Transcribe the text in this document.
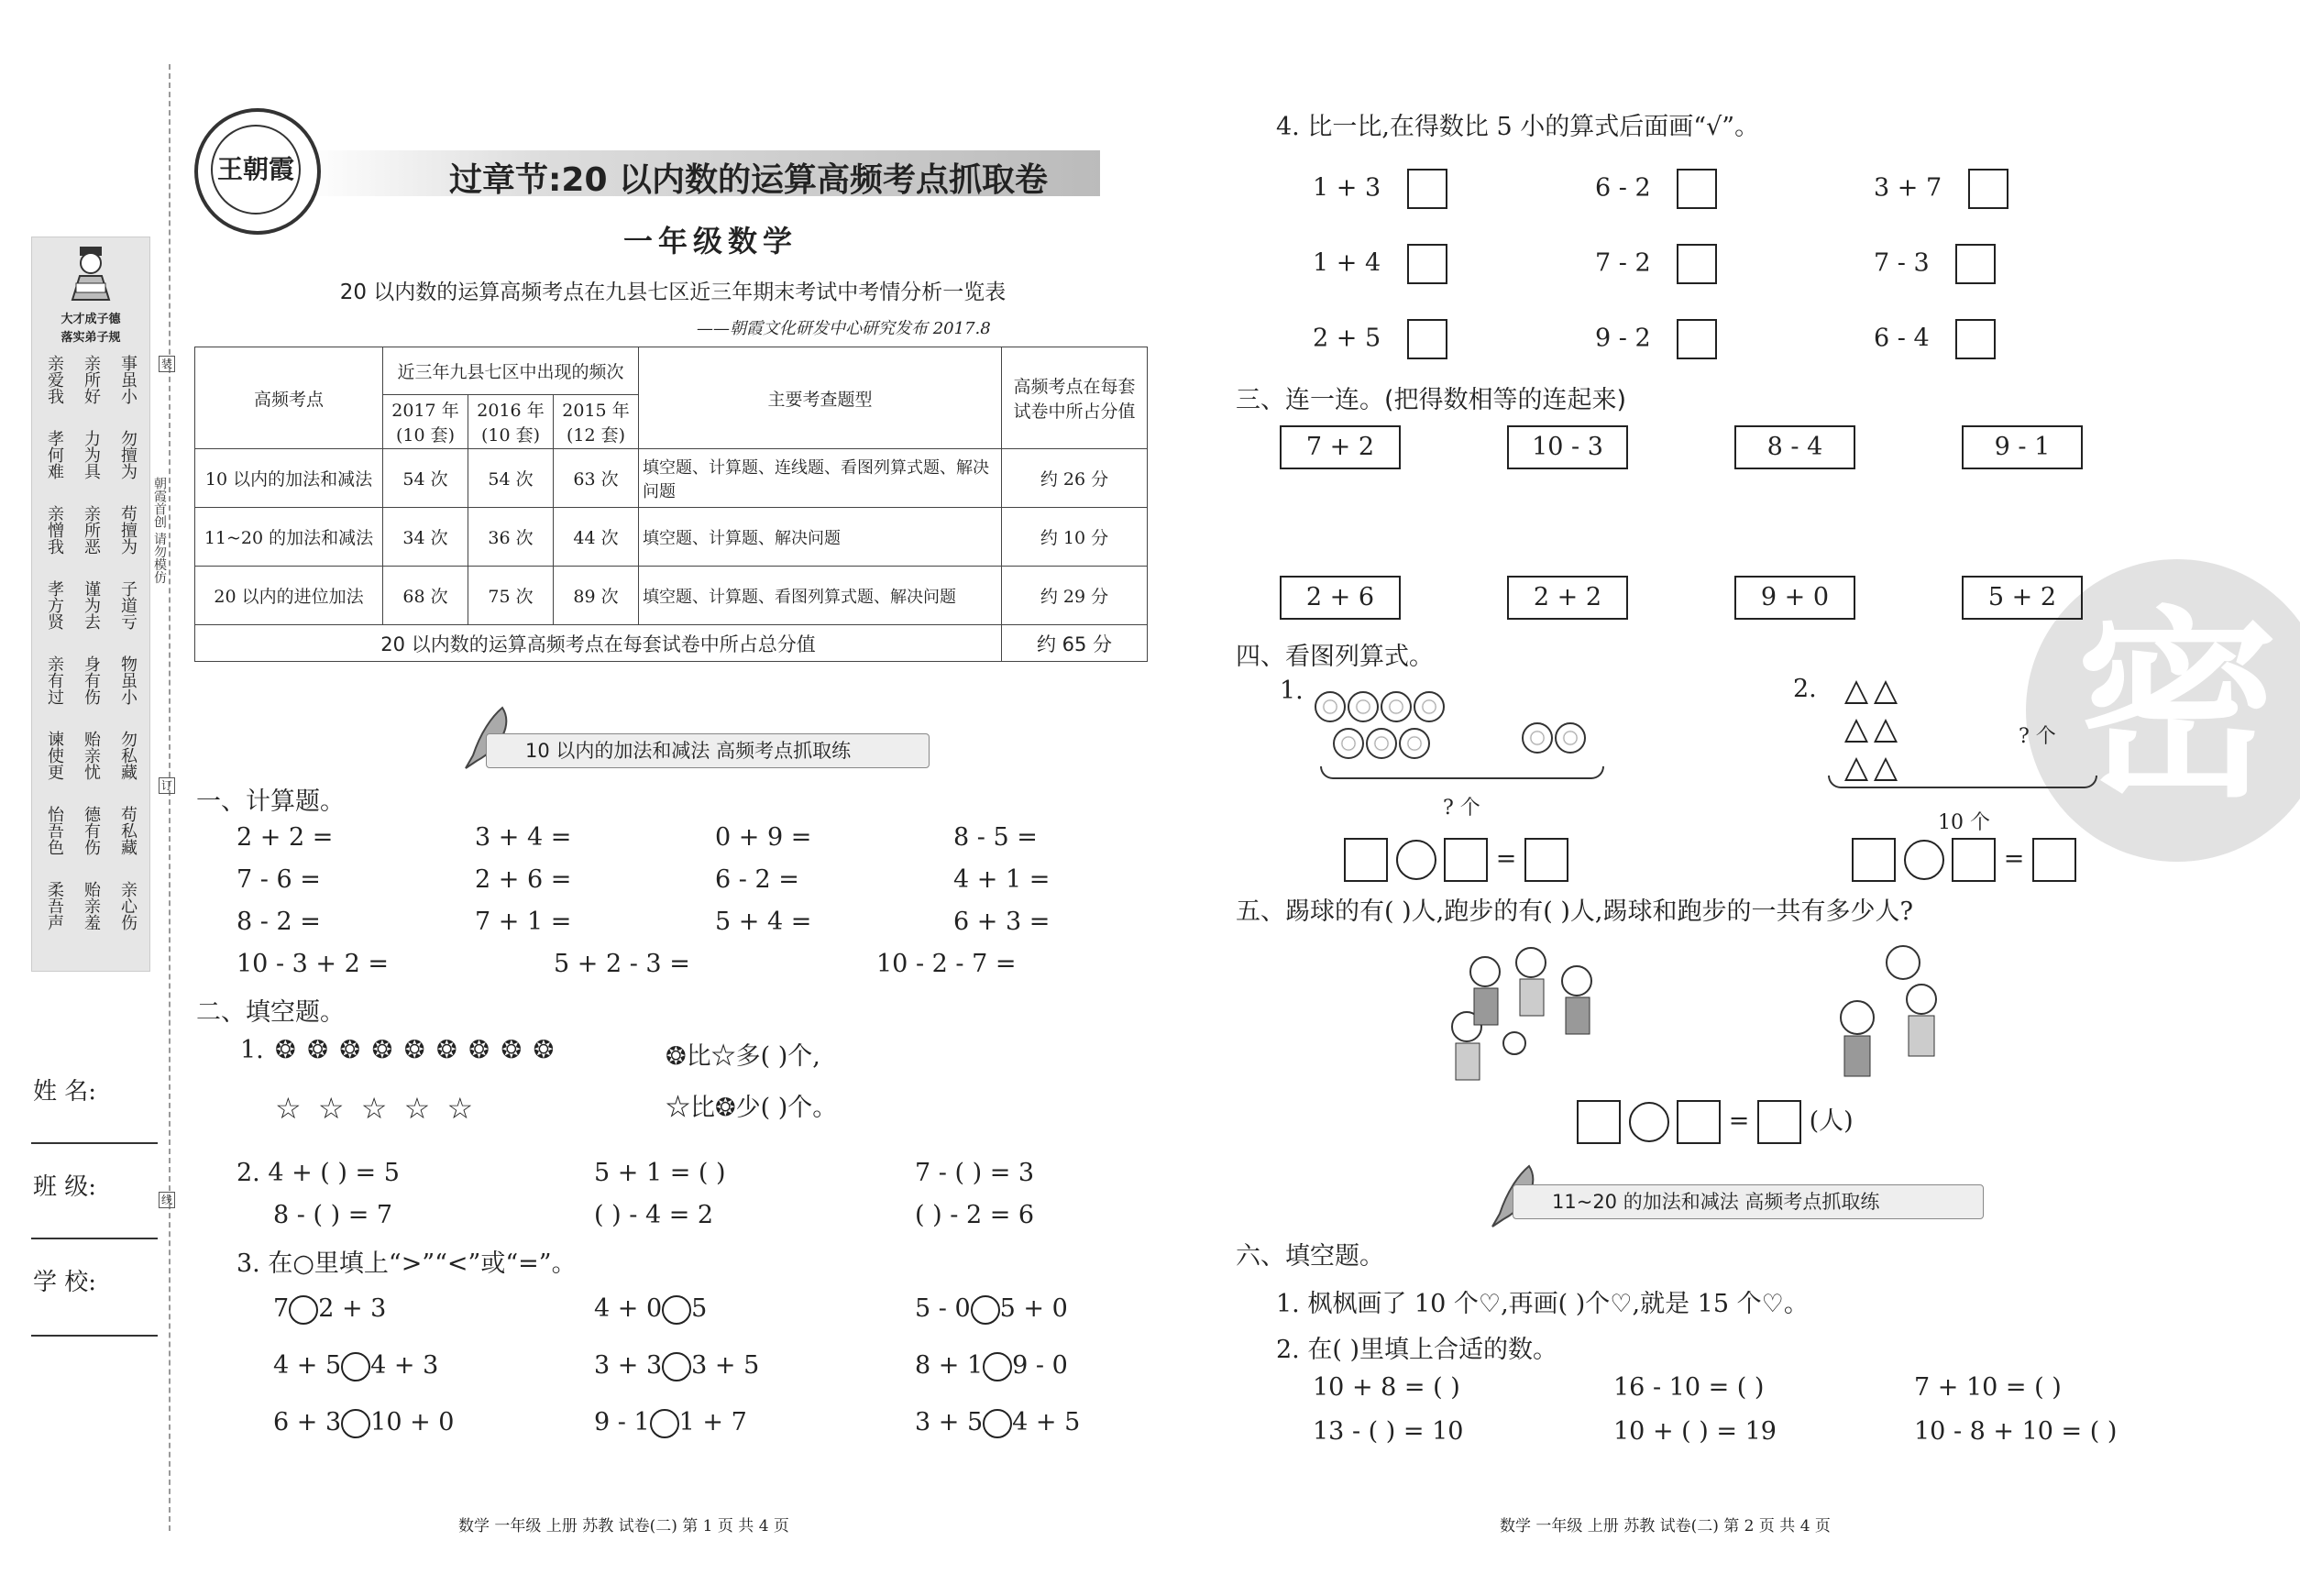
大才成子德
落实弟子规
事虽小
亲所好
亲爱我
勿擅为
力为具
孝何难
苟擅为
亲所恶
亲憎我
子道亏
谨为去
孝方贤
物虽小
身有伤
亲有过
勿私藏
贻亲忧
谏使更
苟私藏
德有伤
怡吾色
亲心伤
贻亲羞
柔吾声
装
订
线
朝霞首创 请勿模仿
姓 名:
班 级:
学 校:
王朝霞	过章节:20 以内数的运算高频考点抓取卷
一年级数学
20 以内数的运算高频考点在九县七区近三年期末考试中考情分析一览表
——朝霞文化研发中心研究发布 2017.8
高频考点	近三年九县七区中出现的频次			主要考查题型	高频考点在每套试卷中所占分值
	2017 年(10 套)	2016 年(10 套)	2015 年(12 套)		
10 以内的加法和减法	54 次	54 次	63 次	填空题、计算题、连线题、看图列算式题、解决问题	约 26 分
11~20 的加法和减法	34 次	36 次	44 次	填空题、计算题、解决问题	约 10 分
20 以内的进位加法	68 次	75 次	89 次	填空题、计算题、看图列算式题、解决问题	约 29 分
20 以内数的运算高频考点在每套试卷中所占总分值					约 65 分
10 以内的加法和减法 高频考点抓取练
一、计算题。
2 + 2 =	3 + 4 =	0 + 9 =	8 - 5 =
7 - 6 =	2 + 6 =	6 - 2 =	4 + 1 =
8 - 2 =	7 + 1 =	5 + 4 =	6 + 3 =
10 - 3 + 2 =	5 + 2 - 3 =	10 - 2 - 7 =
二、填空题。
1. ❂ ❂ ❂ ❂ ❂ ❂ ❂ ❂ ❂
☆ ☆ ☆ ☆ ☆
❂比☆多( )个,
☆比❂少( )个。
2. 4 + ( ) = 5	5 + 1 = ( )	7 - ( ) = 3
8 - ( ) = 7	( ) - 4 = 2	( ) - 2 = 6
3. 在○里填上“>”“<”或“=”。
7 2 + 3	4 + 0 5	5 - 0 5 + 0
4 + 5 4 + 3	3 + 3 3 + 5	8 + 1 9 - 0
6 + 3 10 + 0	9 - 1 1 + 7	3 + 5 4 + 5
数学 一年级 上册 苏教 试卷(二) 第 1 页 共 4 页
密
4. 比一比,在得数比 5 小的算式后面画“√”。
1 + 3	6 - 2	3 + 7
1 + 4	7 - 2	7 - 3
2 + 5	9 - 2	6 - 4
三、连一连。(把得数相等的连起来)
7 + 2	10 - 3	8 - 4	9 - 1
2 + 6	2 + 2	9 + 0	5 + 2
四、看图列算式。
1.
? 个
=
2.
? 个
10 个
=
五、踢球的有( )人,跑步的有( )人,踢球和跑步的一共有多少人?
= (人)
11~20 的加法和减法 高频考点抓取练
六、填空题。
1. 枫枫画了 10 个♡,再画( )个♡,就是 15 个♡。
2. 在( )里填上合适的数。
10 + 8 = ( )	16 - 10 = ( )	7 + 10 = ( )
13 - ( ) = 10	10 + ( ) = 19	10 - 8 + 10 = ( )
数学 一年级 上册 苏教 试卷(二) 第 2 页 共 4 页
